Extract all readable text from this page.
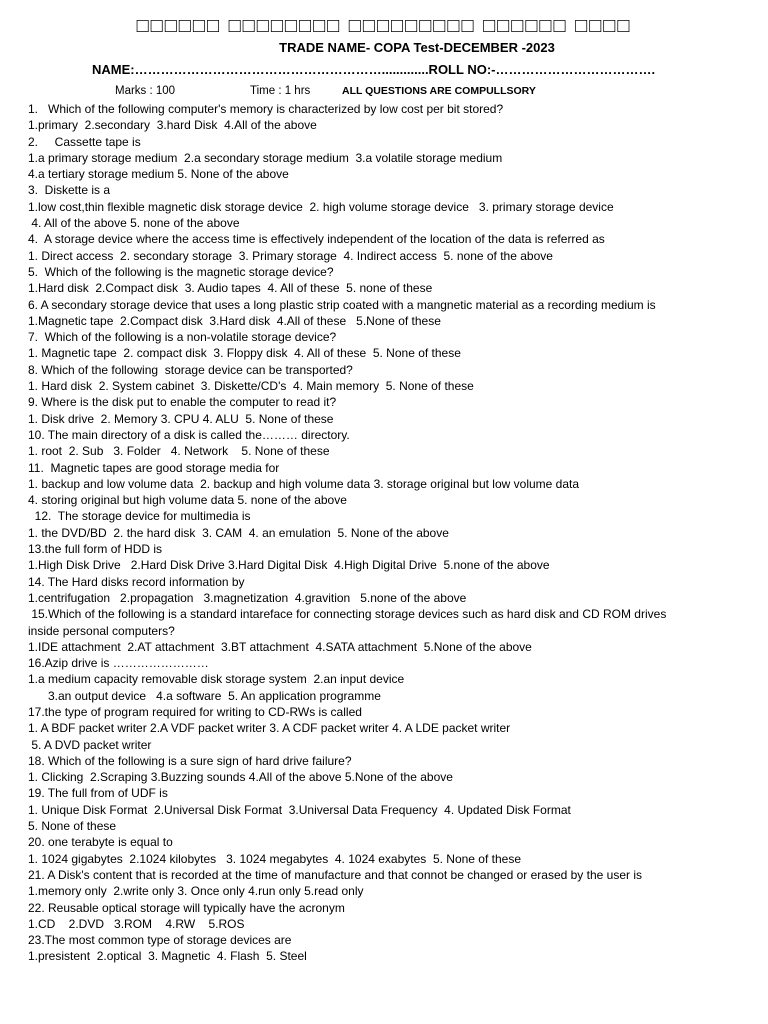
□□□□□□ □□□□□□□□ □□□□□□□□□ □□□□□□ □□□□
TRADE NAME- COPA Test-DECEMBER -2023
NAME:………………………………………………….............ROLL NO:-……………………………….
Marks : 100	Time : 1 hrs	ALL QUESTIONS ARE COMPULLSORY
1.   Which of the following computer's memory is characterized by low cost per bit stored?
1.primary  2.secondary  3.hard Disk  4.All of the above
2.     Cassette tape is
1.a primary storage medium  2.a secondary storage medium  3.a volatile storage medium
4.a tertiary storage medium 5. None of the above
3.  Diskette is a
1.low cost,thin flexible magnetic disk storage device  2. high volume storage device   3. primary storage device
4. All of the above 5. none of the above
4.  A storage device where the access time is effectively independent of the location of the data is referred as
1. Direct access  2. secondary storage  3. Primary storage  4. Indirect access  5. none of the above
5.  Which of the following is the magnetic storage device?
1.Hard disk  2.Compact disk  3. Audio tapes  4. All of these  5. none of these
6. A secondary storage device that uses a long plastic strip coated with a mangnetic material as a recording medium is
1.Magnetic tape  2.Compact disk  3.Hard disk  4.All of these   5.None of these
7.  Which of the following is a non-volatile storage device?
1. Magnetic tape  2. compact disk  3. Floppy disk  4. All of these  5. None of these
8. Which of the following  storage device can be transported?
1. Hard disk  2. System cabinet  3. Diskette/CD's  4. Main memory  5. None of these
9. Where is the disk put to enable the computer to read it?
1. Disk drive  2. Memory 3. CPU 4. ALU  5. None of these
10. The main directory of a disk is called the……… directory.
1. root  2. Sub   3. Folder   4. Network    5. None of these
11.  Magnetic tapes are good storage media for
1. backup and low volume data  2. backup and high volume data 3. storage original but low volume data
4. storing original but high volume data 5. none of the above
12.  The storage device for multimedia is
1. the DVD/BD  2. the hard disk  3. CAM  4. an emulation  5. None of the above
13.the full form of HDD is
1.High Disk Drive   2.Hard Disk Drive 3.Hard Digital Disk  4.High Digital Drive  5.none of the above
14. The Hard disks record information by
1.centrifugation   2.propagation   3.magnetization  4.gravition   5.none of the above
15.Which of the following is a standard intareface for connecting storage devices such as hard disk and CD ROM drives
inside personal computers?
1.IDE attachment  2.AT attachment  3.BT attachment  4.SATA attachment  5.None of the above
16.Azip drive is ……………………
1.a medium capacity removable disk storage system  2.an input device
3.an output device   4.a software  5. An application programme
17.the type of program required for writing to CD-RWs is called
1. A BDF packet writer 2.A VDF packet writer 3. A CDF packet writer 4. A LDE packet writer
5. A DVD packet writer
18. Which of the following is a sure sign of hard drive failure?
1. Clicking  2.Scraping 3.Buzzing sounds 4.All of the above 5.None of the above
19. The full from of UDF is
1. Unique Disk Format  2.Universal Disk Format  3.Universal Data Frequency  4. Updated Disk Format
5. None of these
20. one terabyte is equal to
1. 1024 gigabytes  2.1024 kilobytes   3. 1024 megabytes  4. 1024 exabytes  5. None of these
21. A Disk's content that is recorded at the time of manufacture and that connot be changed or erased by the user is
1.memory only  2.write only 3. Once only 4.run only 5.read only
22. Reusable optical storage will typically have the acronym
1.CD    2.DVD   3.ROM    4.RW    5.ROS
23.The most common type of storage devices are
1.presistent  2.optical  3. Magnetic  4. Flash  5. Steel
